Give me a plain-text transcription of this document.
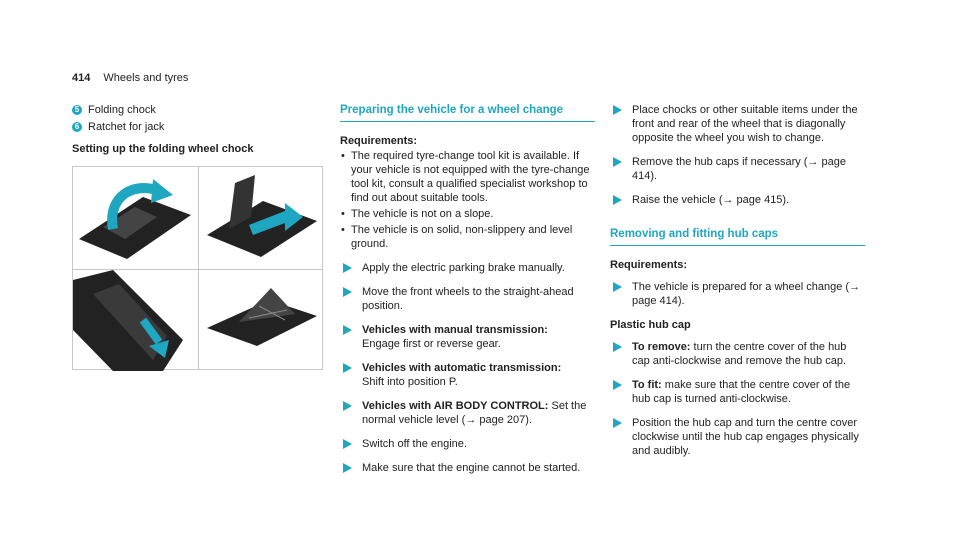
414 Wheels and tyres
5 Folding chock
6 Ratchet for jack
Setting up the folding wheel chock
Preparing the vehicle for a wheel change
Requirements:
• The required tyre-change tool kit is available. If your vehicle is not equipped with the tyre-change tool kit, consult a qualified specialist workshop to find out about suitable tools.
• The vehicle is not on a slope.
• The vehicle is on solid, non-slippery and level ground.
Apply the electric parking brake manually.
Move the front wheels to the straight-ahead position.
Vehicles with manual transmission:
Engage first or reverse gear.
Vehicles with automatic transmission:
Shift into position P.
Vehicles with AIR BODY CONTROL: Set the normal vehicle level (→ page 207).
Switch off the engine.
Make sure that the engine cannot be started.
Place chocks or other suitable items under the front and rear of the wheel that is diagonally opposite the wheel you wish to change.
Remove the hub caps if necessary (→ page 414).
Raise the vehicle (→ page 415).
Removing and fitting hub caps
Requirements:
The vehicle is prepared for a wheel change (→ page 414).
Plastic hub cap
To remove: turn the centre cover of the hub cap anti-clockwise and remove the hub cap.
To fit: make sure that the centre cover of the hub cap is turned anti-clockwise.
Position the hub cap and turn the centre cover clockwise until the hub cap engages physically and audibly.
